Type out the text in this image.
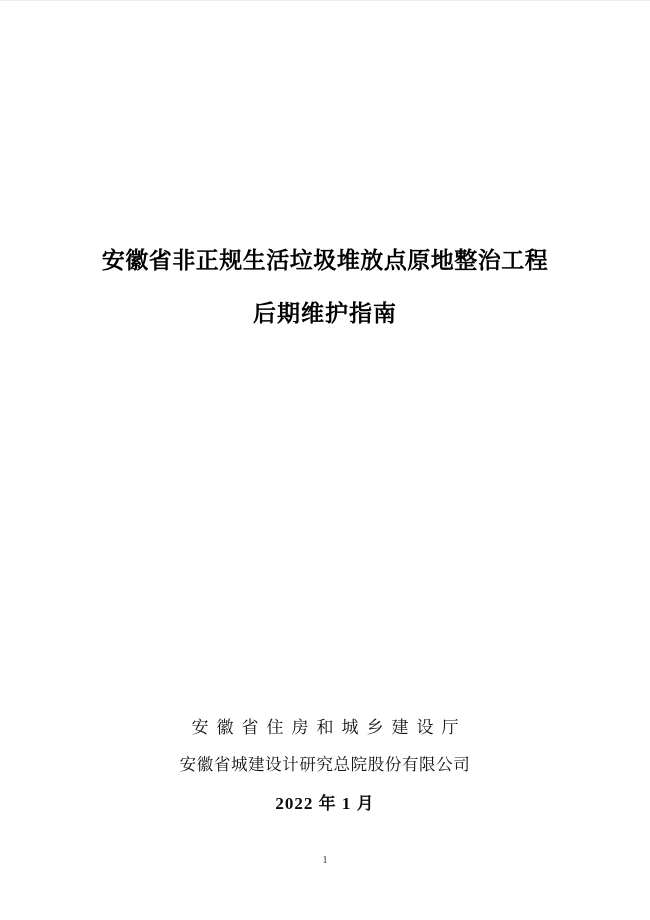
安徽省非正规生活垃圾堆放点原地整治工程
后期维护指南
安徽省住房和城乡建设厅
安徽省城建设计研究总院股份有限公司
2022 年 1 月
1
